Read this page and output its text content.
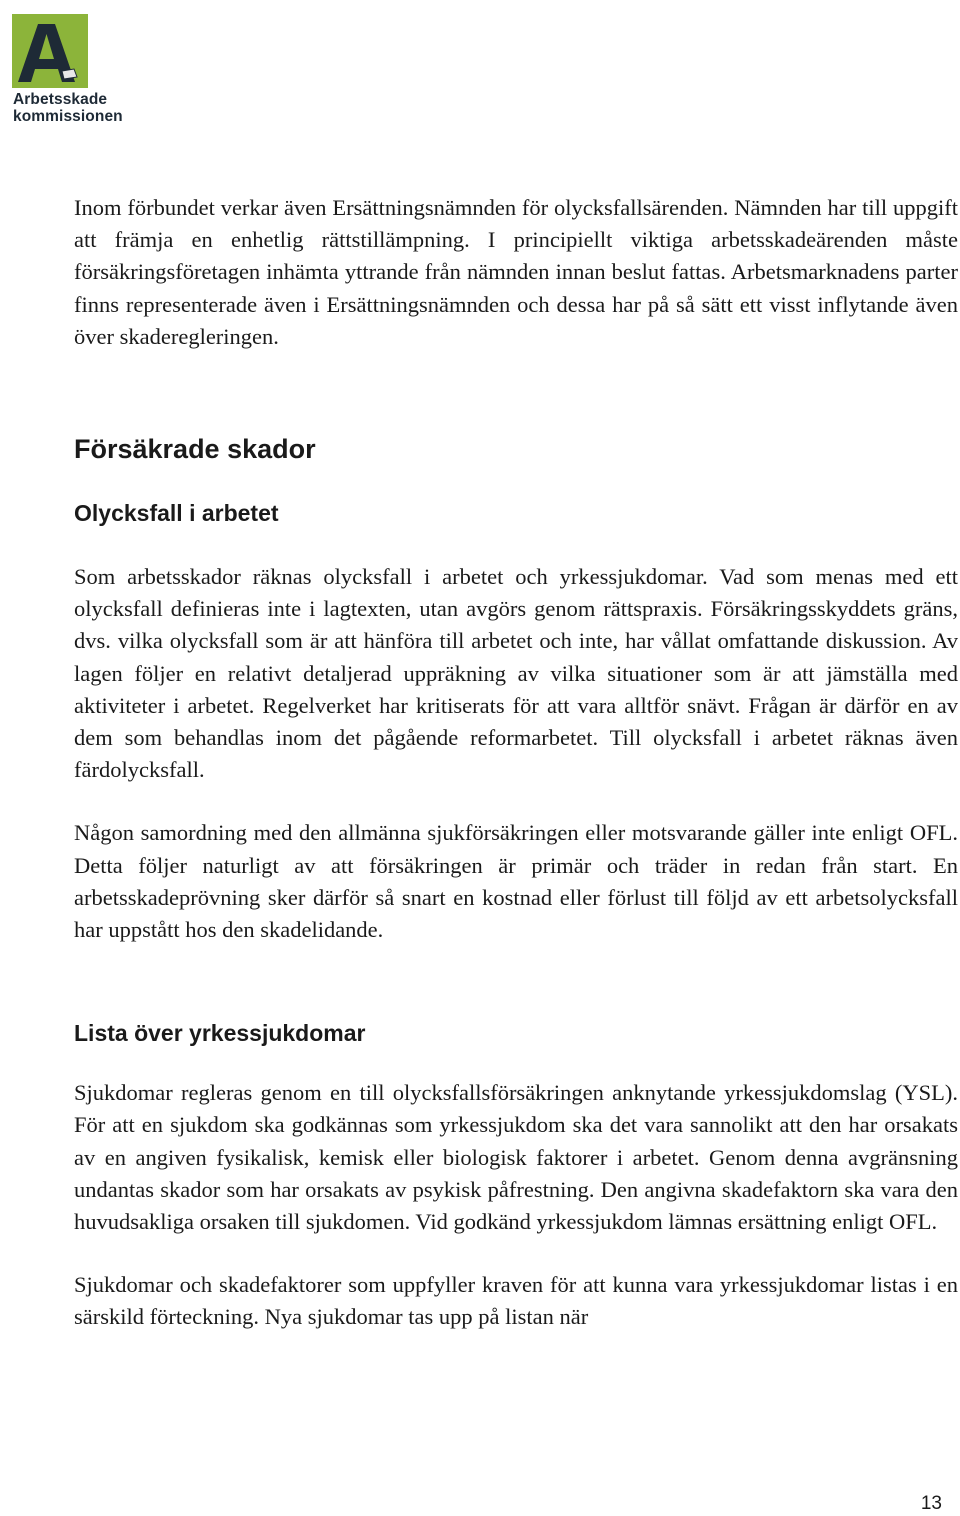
Arbetsskade
kommissionen

Inom förbundet verkar även Ersättningsnämnden för olycksfallsärenden. Nämnden har till uppgift att främja en enhetlig rättstillämpning. I principiellt viktiga arbetsskadeärenden måste försäkringsföretagen inhämta yttrande från nämnden innan beslut fattas. Arbetsmarknadens parter finns representerade även i Ersättningsnämnden och dessa har på så sätt ett visst inflytande även över skaderegleringen.

Försäkrade skador
Olycksfall i arbetet

Som arbetsskador räknas olycksfall i arbetet och yrkessjukdomar. Vad som menas med ett olycksfall definieras inte i lagtexten, utan avgörs genom rättspraxis. Försäkringsskyddets gräns, dvs. vilka olycksfall som är att hänföra till arbetet och inte, har vållat omfattande diskussion. Av lagen följer en relativt detaljerad uppräkning av vilka situationer som är att jämställa med aktiviteter i arbetet. Regelverket har kritiserats för att vara alltför snävt. Frågan är därför en av dem som behandlas inom det pågående reformarbetet. Till olycksfall i arbetet räknas även färdolycksfall.

Någon samordning med den allmänna sjukförsäkringen eller motsvarande gäller inte enligt OFL. Detta följer naturligt av att försäkringen är primär och träder in redan från start. En arbetsskadeprövning sker därför så snart en kostnad eller förlust till följd av ett arbetsolycksfall har uppstått hos den skadelidande.

Lista över yrkessjukdomar

Sjukdomar regleras genom en till olycksfallsförsäkringen anknytande yrkessjukdomslag (YSL). För att en sjukdom ska godkännas som yrkessjukdom ska det vara sannolikt att den har orsakats av en angiven fysikalisk, kemisk eller biologisk faktorer i arbetet. Genom denna avgränsning undantas skador som har orsakats av psykisk påfrestning. Den angivna skadefaktorn ska vara den huvudsakliga orsaken till sjukdomen. Vid godkänd yrkessjukdom lämnas ersättning enligt OFL.

Sjukdomar och skadefaktorer som uppfyller kraven för att kunna vara yrkessjukdomar listas i en särskild förteckning. Nya sjukdomar tas upp på listan när

13
